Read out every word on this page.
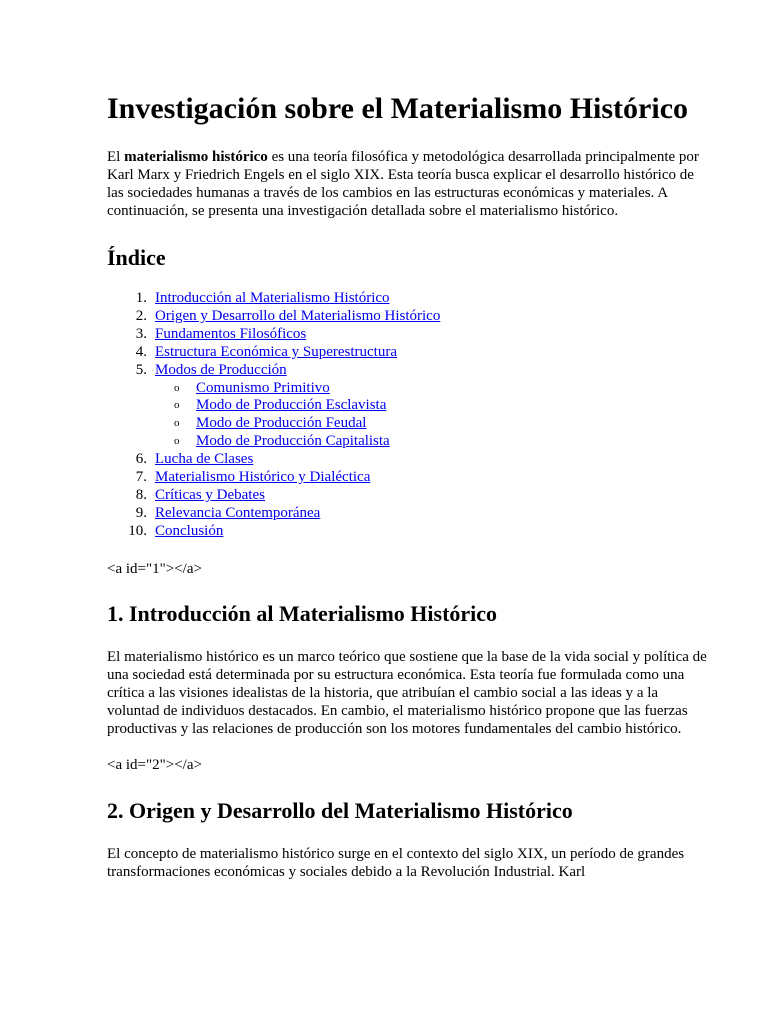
Investigación sobre el Materialismo Histórico

El materialismo histórico es una teoría filosófica y metodológica desarrollada principalmente por Karl Marx y Friedrich Engels en el siglo XIX. Esta teoría busca explicar el desarrollo histórico de las sociedades humanas a través de los cambios en las estructuras económicas y materiales. A continuación, se presenta una investigación detallada sobre el materialismo histórico.

Índice
1. Introducción al Materialismo Histórico
2. Origen y Desarrollo del Materialismo Histórico
3. Fundamentos Filosóficos
4. Estructura Económica y Superestructura
5. Modos de Producción
o	Comunismo Primitivo
o	Modo de Producción Esclavista
o	Modo de Producción Feudal
o	Modo de Producción Capitalista
6. Lucha de Clases
7. Materialismo Histórico y Dialéctica
8. Críticas y Debates
9. Relevancia Contemporánea
10. Conclusión

<a id="1"></a>

1. Introducción al Materialismo Histórico

El materialismo histórico es un marco teórico que sostiene que la base de la vida social y política de una sociedad está determinada por su estructura económica. Esta teoría fue formulada como una crítica a las visiones idealistas de la historia, que atribuían el cambio social a las ideas y a la voluntad de individuos destacados. En cambio, el materialismo histórico propone que las fuerzas productivas y las relaciones de producción son los motores fundamentales del cambio histórico.

<a id="2"></a>

2. Origen y Desarrollo del Materialismo Histórico

El concepto de materialismo histórico surge en el contexto del siglo XIX, un período de grandes transformaciones económicas y sociales debido a la Revolución Industrial. Karl
